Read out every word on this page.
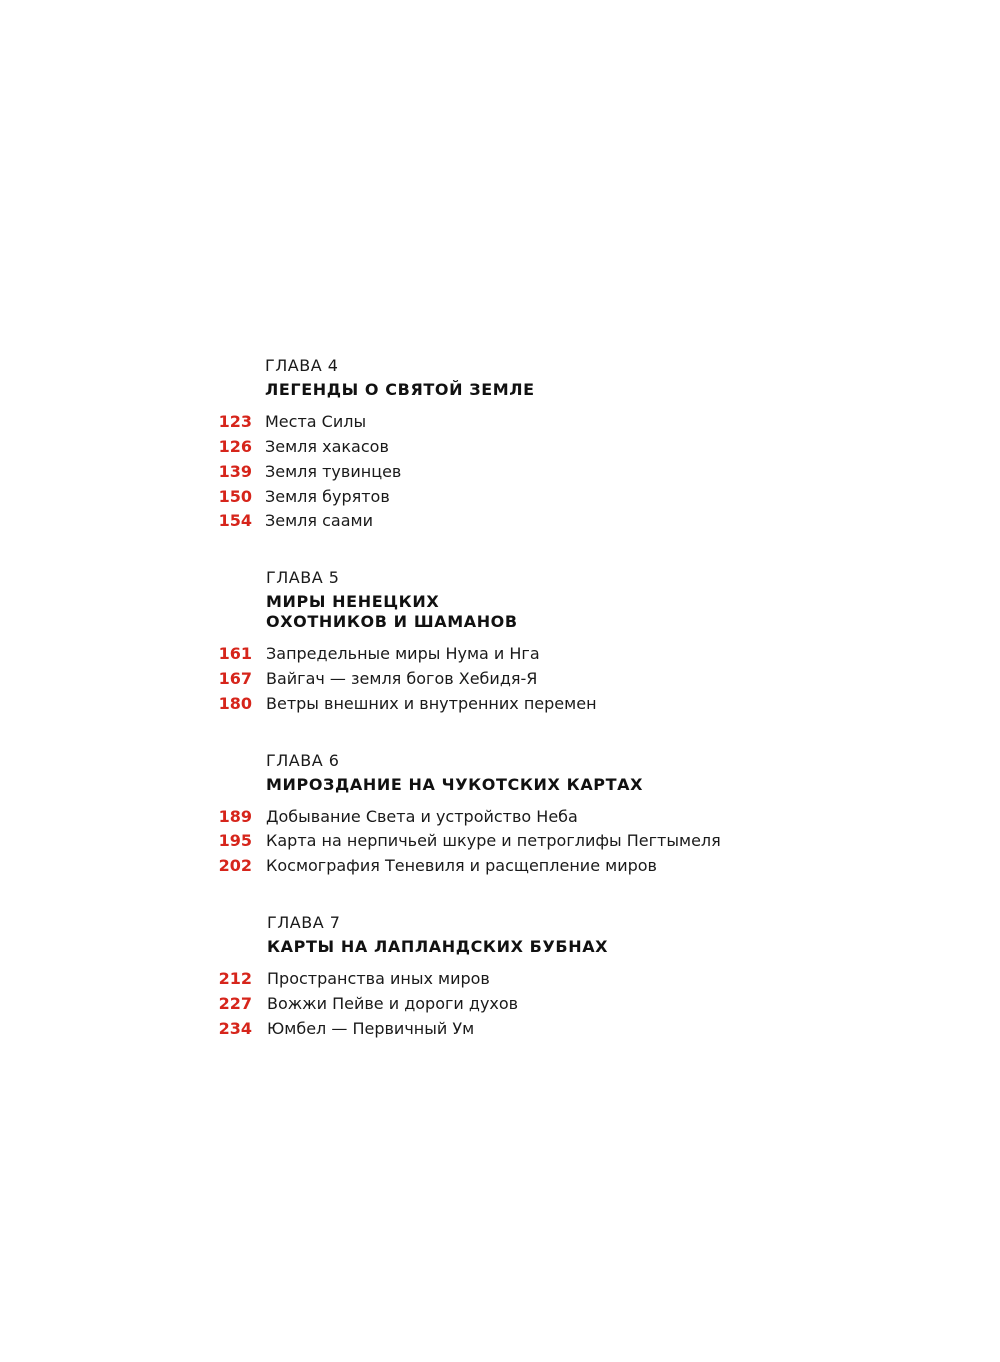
ГЛАВА 4
ЛЕГЕНДЫ О СВЯТОЙ ЗЕМЛЕ
123 Места Силы
126 Земля хакасов
139 Земля тувинцев
150 Земля бурятов
154 Земля саами
ГЛАВА 5
МИРЫ НЕНЕЦКИХ
ОХОТНИКОВ И ШАМАНОВ
161 Запредельные миры Нума и Нга
167 Вайгач — земля богов Хебидя-Я
180 Ветры внешних и внутренних перемен
ГЛАВА 6
МИРОЗДАНИЕ НА ЧУКОТСКИХ КАРТАХ
189 Добывание Света и устройство Неба
195 Карта на нерпичьей шкуре и петроглифы Пегтымеля
202 Космография Теневиля и расщепление миров
ГЛАВА 7
КАРТЫ НА ЛАПЛАНДСКИХ БУБНАХ
212 Пространства иных миров
227 Вожжи Пейве и дороги духов
234 Юмбел — Первичный Ум
